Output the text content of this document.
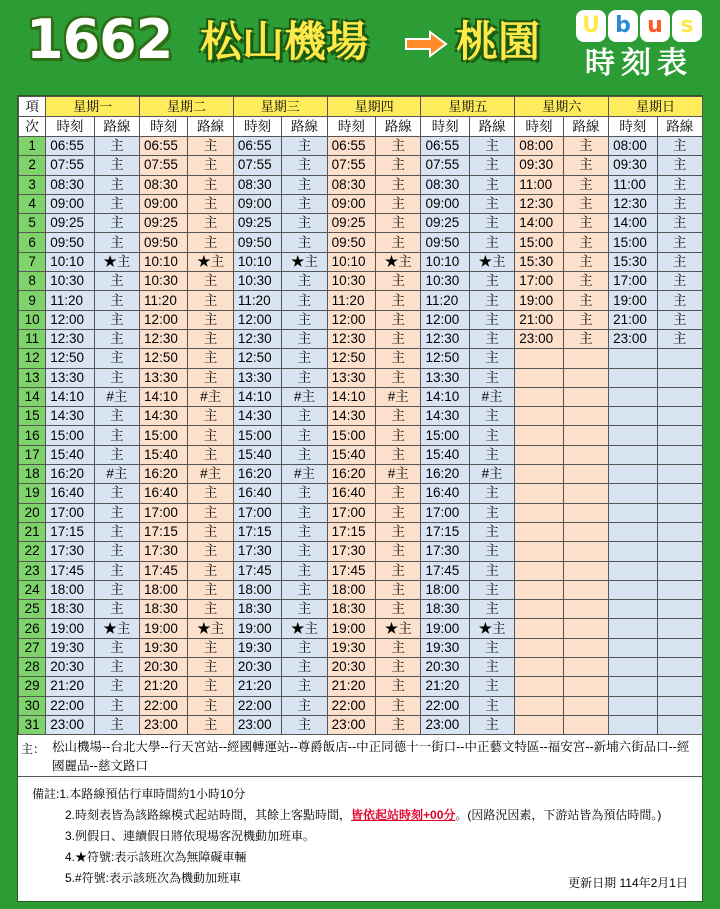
1662 松山機場 桃園 U b u s
時刻表
項	星期一		星期二		星期三		星期四		星期五		星期六		星期日	
次	時刻	路線	時刻	路線	時刻	路線	時刻	路線	時刻	路線	時刻	路線	時刻	路線
1	06:55	主	06:55	主	06:55	主	06:55	主	06:55	主	08:00	主	08:00	主
2	07:55	主	07:55	主	07:55	主	07:55	主	07:55	主	09:30	主	09:30	主
3	08:30	主	08:30	主	08:30	主	08:30	主	08:30	主	11:00	主	11:00	主
4	09:00	主	09:00	主	09:00	主	09:00	主	09:00	主	12:30	主	12:30	主
5	09:25	主	09:25	主	09:25	主	09:25	主	09:25	主	14:00	主	14:00	主
6	09:50	主	09:50	主	09:50	主	09:50	主	09:50	主	15:00	主	15:00	主
7	10:10	★主	10:10	★主	10:10	★主	10:10	★主	10:10	★主	15:30	主	15:30	主
8	10:30	主	10:30	主	10:30	主	10:30	主	10:30	主	17:00	主	17:00	主
9	11:20	主	11:20	主	11:20	主	11:20	主	11:20	主	19:00	主	19:00	主
10	12:00	主	12:00	主	12:00	主	12:00	主	12:00	主	21:00	主	21:00	主
11	12:30	主	12:30	主	12:30	主	12:30	主	12:30	主	23:00	主	23:00	主
12	12:50	主	12:50	主	12:50	主	12:50	主	12:50	主				
13	13:30	主	13:30	主	13:30	主	13:30	主	13:30	主				
14	14:10	#主	14:10	#主	14:10	#主	14:10	#主	14:10	#主				
15	14:30	主	14:30	主	14:30	主	14:30	主	14:30	主				
16	15:00	主	15:00	主	15:00	主	15:00	主	15:00	主				
17	15:40	主	15:40	主	15:40	主	15:40	主	15:40	主				
18	16:20	#主	16:20	#主	16:20	#主	16:20	#主	16:20	#主				
19	16:40	主	16:40	主	16:40	主	16:40	主	16:40	主				
20	17:00	主	17:00	主	17:00	主	17:00	主	17:00	主				
21	17:15	主	17:15	主	17:15	主	17:15	主	17:15	主				
22	17:30	主	17:30	主	17:30	主	17:30	主	17:30	主				
23	17:45	主	17:45	主	17:45	主	17:45	主	17:45	主				
24	18:00	主	18:00	主	18:00	主	18:00	主	18:00	主				
25	18:30	主	18:30	主	18:30	主	18:30	主	18:30	主				
26	19:00	★主	19:00	★主	19:00	★主	19:00	★主	19:00	★主				
27	19:30	主	19:30	主	19:30	主	19:30	主	19:30	主				
28	20:30	主	20:30	主	20:30	主	20:30	主	20:30	主				
29	21:20	主	21:20	主	21:20	主	21:20	主	21:20	主				
30	22:00	主	22:00	主	22:00	主	22:00	主	22:00	主				
31	23:00	主	23:00	主	23:00	主	23:00	主	23:00	主				
主： 松山機場--台北大學--行天宮站--經國轉運站--尊爵飯店--中正同德十一街口--中正藝文特區--福安宮--新埔六街品口--經國麗品--慈文路口
備註:1.本路線預估行車時間約1小時10分
2.時刻表皆為該路線模式起站時間，其餘上客點時間，皆依起站時刻+00分。(因路況因素，下游站皆為預估時間。)
3.例假日、連續假日將依現場客況機動加班車。
4.★符號:表示該班次為無障礙車輛
5.#符號:表示該班次為機動加班車	更新日期 114年2月1日
